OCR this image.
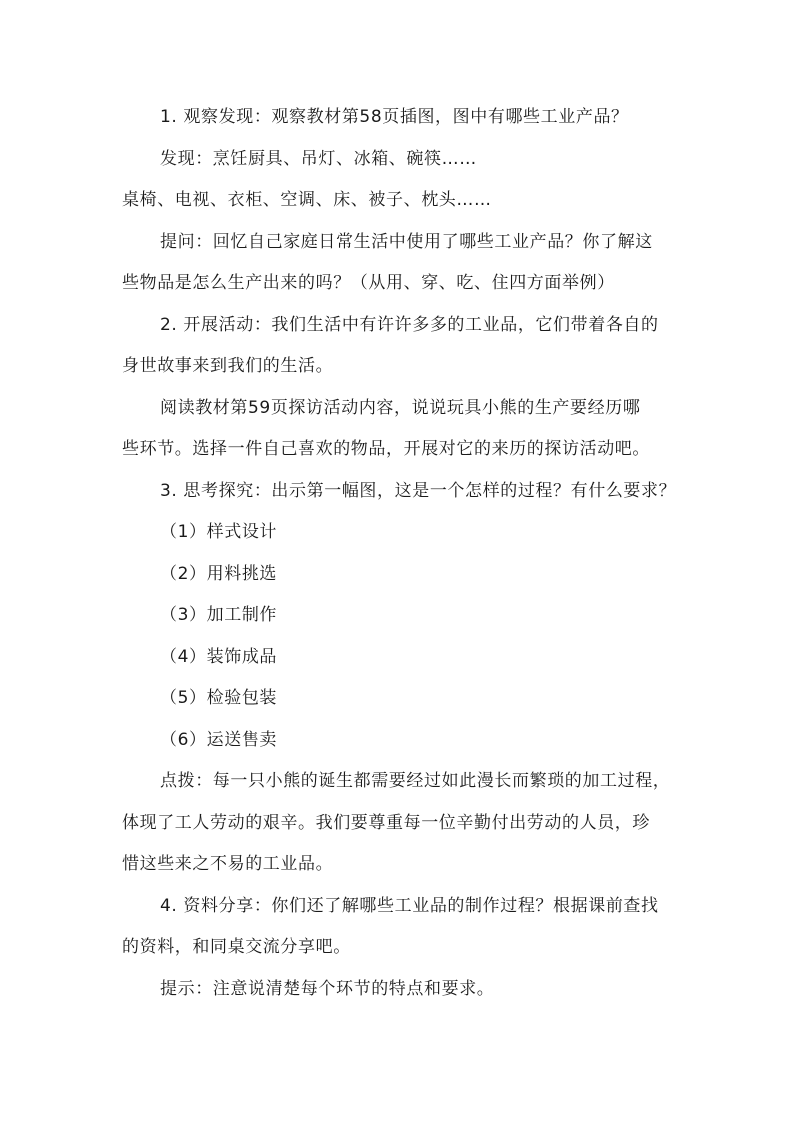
1. 观察发现：观察教材第58页插图，图中有哪些工业产品？
发现：烹饪厨具、吊灯、冰箱、碗筷……
桌椅、电视、衣柜、空调、床、被子、枕头……
提问：回忆自己家庭日常生活中使用了哪些工业产品？你了解这
些物品是怎么生产出来的吗？（从用、穿、吃、住四方面举例）
2. 开展活动：我们生活中有许许多多的工业品，它们带着各自的
身世故事来到我们的生活。
阅读教材第59页探访活动内容，说说玩具小熊的生产要经历哪
些环节。选择一件自己喜欢的物品，开展对它的来历的探访活动吧。
3. 思考探究：出示第一幅图，这是一个怎样的过程？有什么要求？
（1）样式设计
（2）用料挑选
（3）加工制作
（4）装饰成品
（5）检验包装
（6）运送售卖
点拨：每一只小熊的诞生都需要经过如此漫长而繁琐的加工过程，
体现了工人劳动的艰辛。我们要尊重每一位辛勤付出劳动的人员，珍
惜这些来之不易的工业品。
4. 资料分享：你们还了解哪些工业品的制作过程？根据课前查找
的资料，和同桌交流分享吧。
提示：注意说清楚每个环节的特点和要求。
